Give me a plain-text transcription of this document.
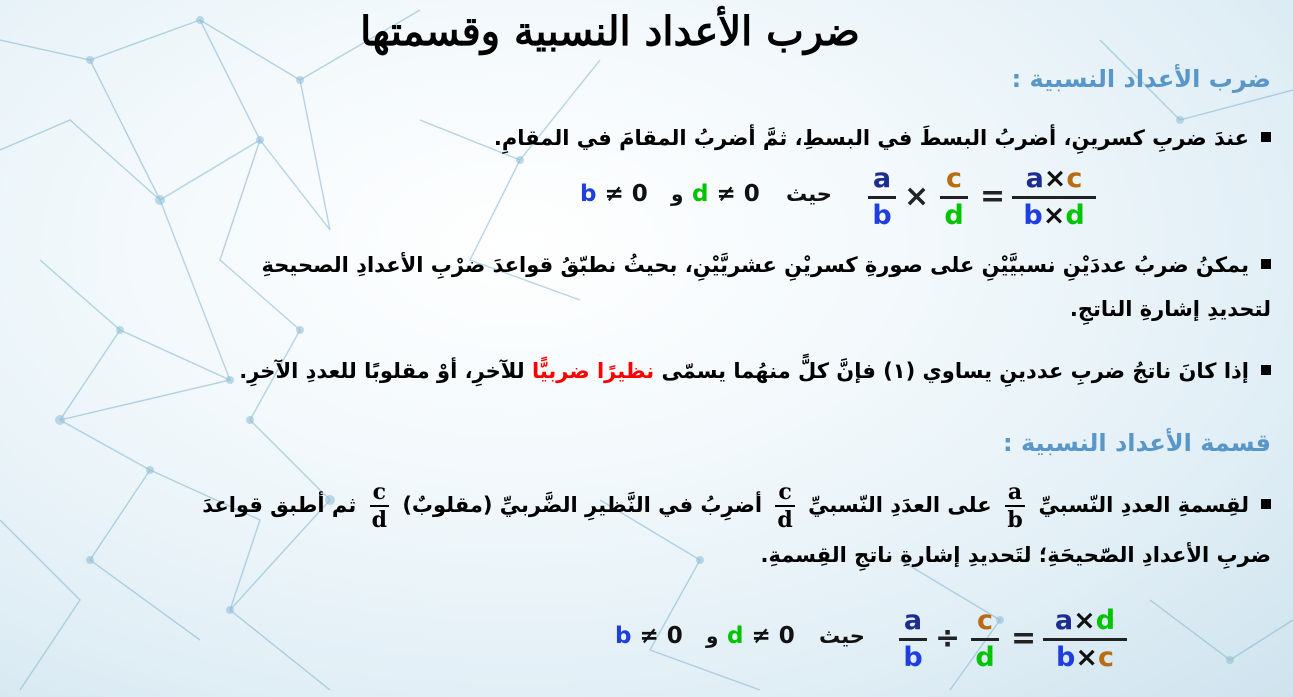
ضرب الأعداد النسبية وقسمتها
ضرب الأعداد النسبية :
عندَ ضربِ كسرينِ، أضربُ البسطَ في البسطِ، ثمَّ أضربُ المقامَ في المقامِ.
b ≠ 0 و d ≠ 0 حيث a
b
×
c
d
=
a×c
b×d
يمكنُ ضربُ عددَيْنِ نسبيَّيْنِ على صورةِ كسريْنِ عشريَّيْنِ، بحيثُ نطبّقُ قواعدَ ضرْبِ الأعدادِ الصحيحةِ
لتحديدِ إشارةِ الناتجِ.
إذا كانَ ناتجُ ضربِ عددينِ يساوي (١) فإنَّ كلًّ منهُما يسمّى نظيرًا ضربيًّا للآخرِ، أوْ مقلوبًا للعددِ الآخرِ.
قسمة الأعداد النسبية :
لقِسمةِ العددِ النّسبيِّ
$\frac{a}{b}$
على العدَدِ النّسبيِّ
$\frac{c}{d}$
أضرِبُ في النَّظيرِ الضَّربيِّ (مقلوبٌ)
$\frac{c}{d}$
ثم أطبق قواعدَ
ضربِ الأعدادِ الصّحيحَةِ؛ لتَحديدِ إشارةِ ناتجِ القِسمةِ.
b ≠ 0 و d ≠ 0 حيث a
b
÷
c
d
=
a×d
b×c
